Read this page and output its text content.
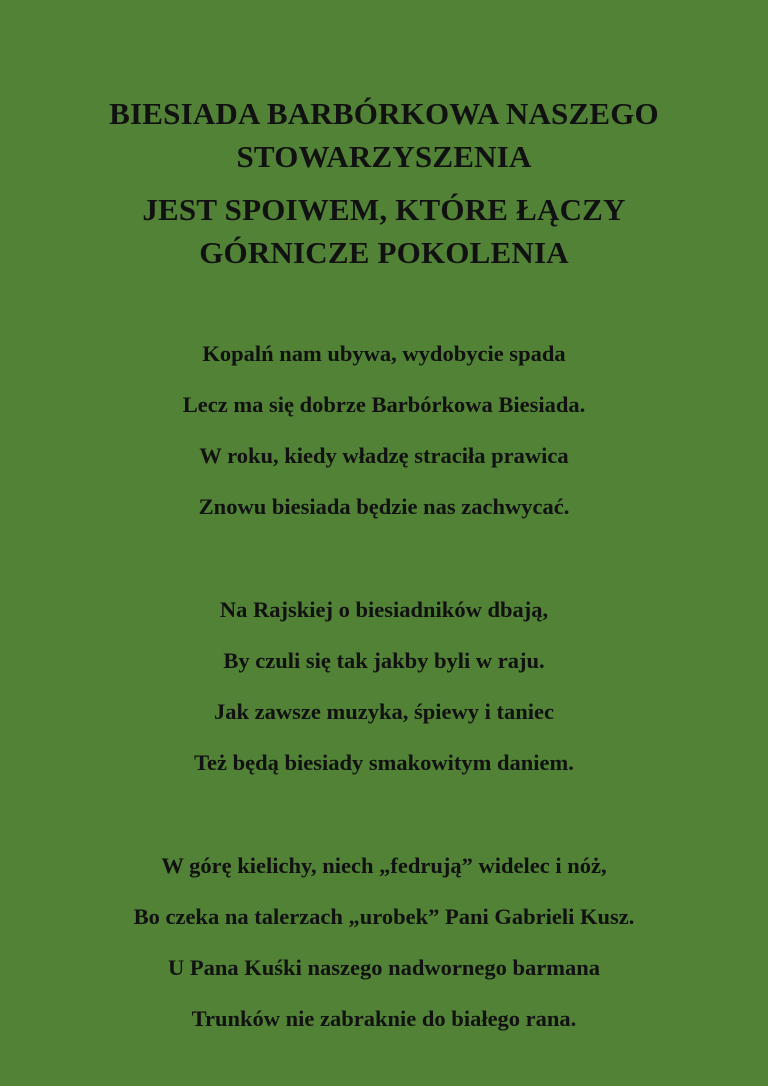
BIESIADA BARBÓRKOWA NASZEGO
STOWARZYSZENIA
JEST SPOIWEM, KTÓRE ŁĄCZY
GÓRNICZE POKOLENIA
Kopalń nam ubywa, wydobycie spada
Lecz ma się dobrze Barbórkowa Biesiada.
W roku, kiedy władzę straciła prawica
Znowu biesiada będzie nas zachwycać.
Na Rajskiej o biesiadników dbają,
By czuli się tak jakby byli w raju.
Jak zawsze muzyka, śpiewy i taniec
Też będą biesiady smakowitym daniem.
W górę kielichy, niech „fedrują” widelec i nóż,
Bo czeka na talerzach „urobek” Pani Gabrieli Kusz.
U Pana Kuśki naszego nadwornego barmana
Trunków nie zabraknie do białego rana.
